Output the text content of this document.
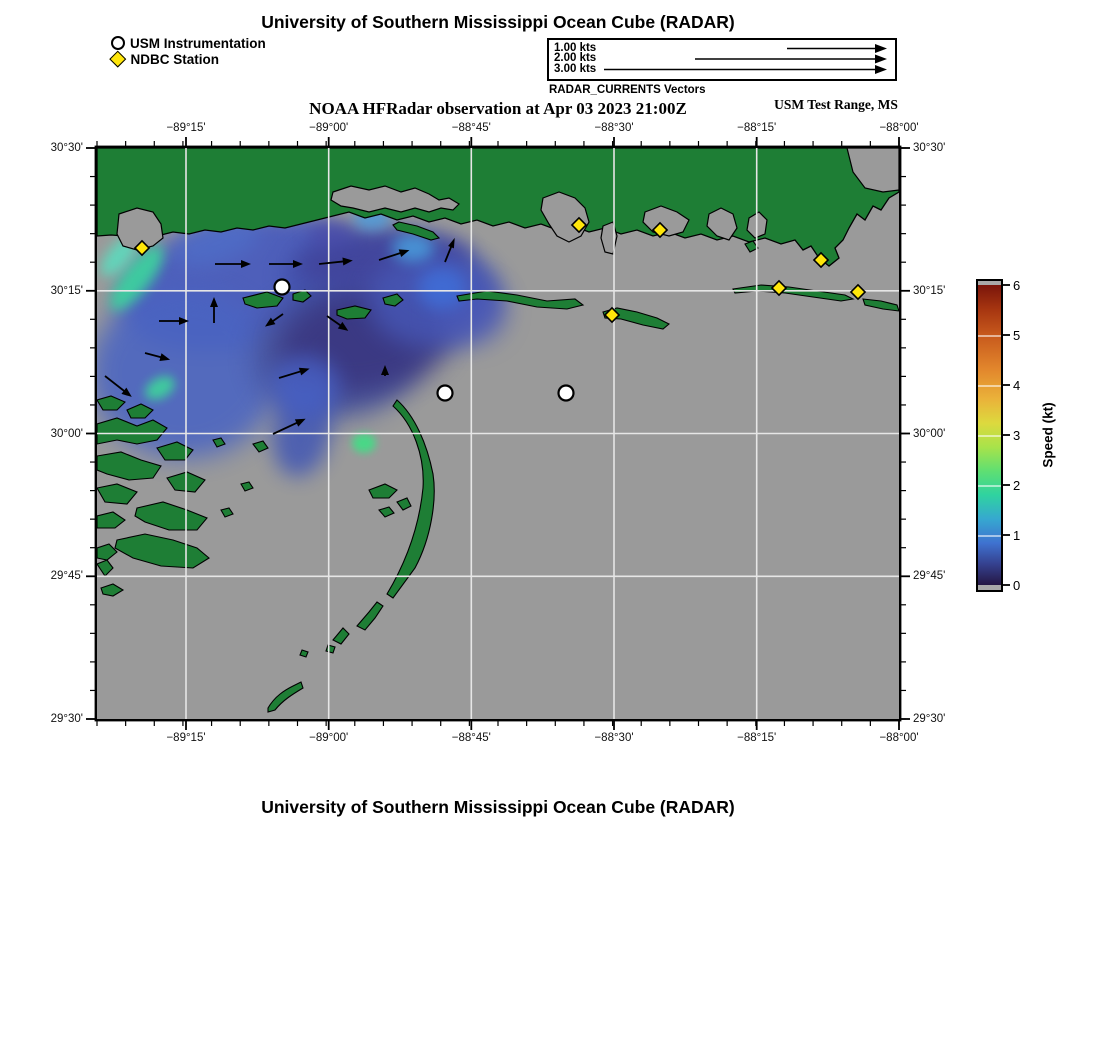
University of Southern Mississippi Ocean Cube (RADAR)
USM Instrumentation
NDBC Station
1.00 kts
2.00 kts
3.00 kts
RADAR_CURRENTS Vectors
NOAA HFRadar observation at Apr 03 2023 21:00Z	USM Test Range, MS
−89°15'
−89°15'
−89°00'
−89°00'
−88°45'
−88°45'
−88°30'
−88°30'
−88°15'
−88°15'
−88°00'
−88°00'
30°30'	30°30'
30°15'	30°15'
30°00'	30°00'
29°45'	29°45'
29°30'	29°30'
6
5
4
3
2
1
0
Speed (kt)
University of Southern Mississippi Ocean Cube (RADAR)
